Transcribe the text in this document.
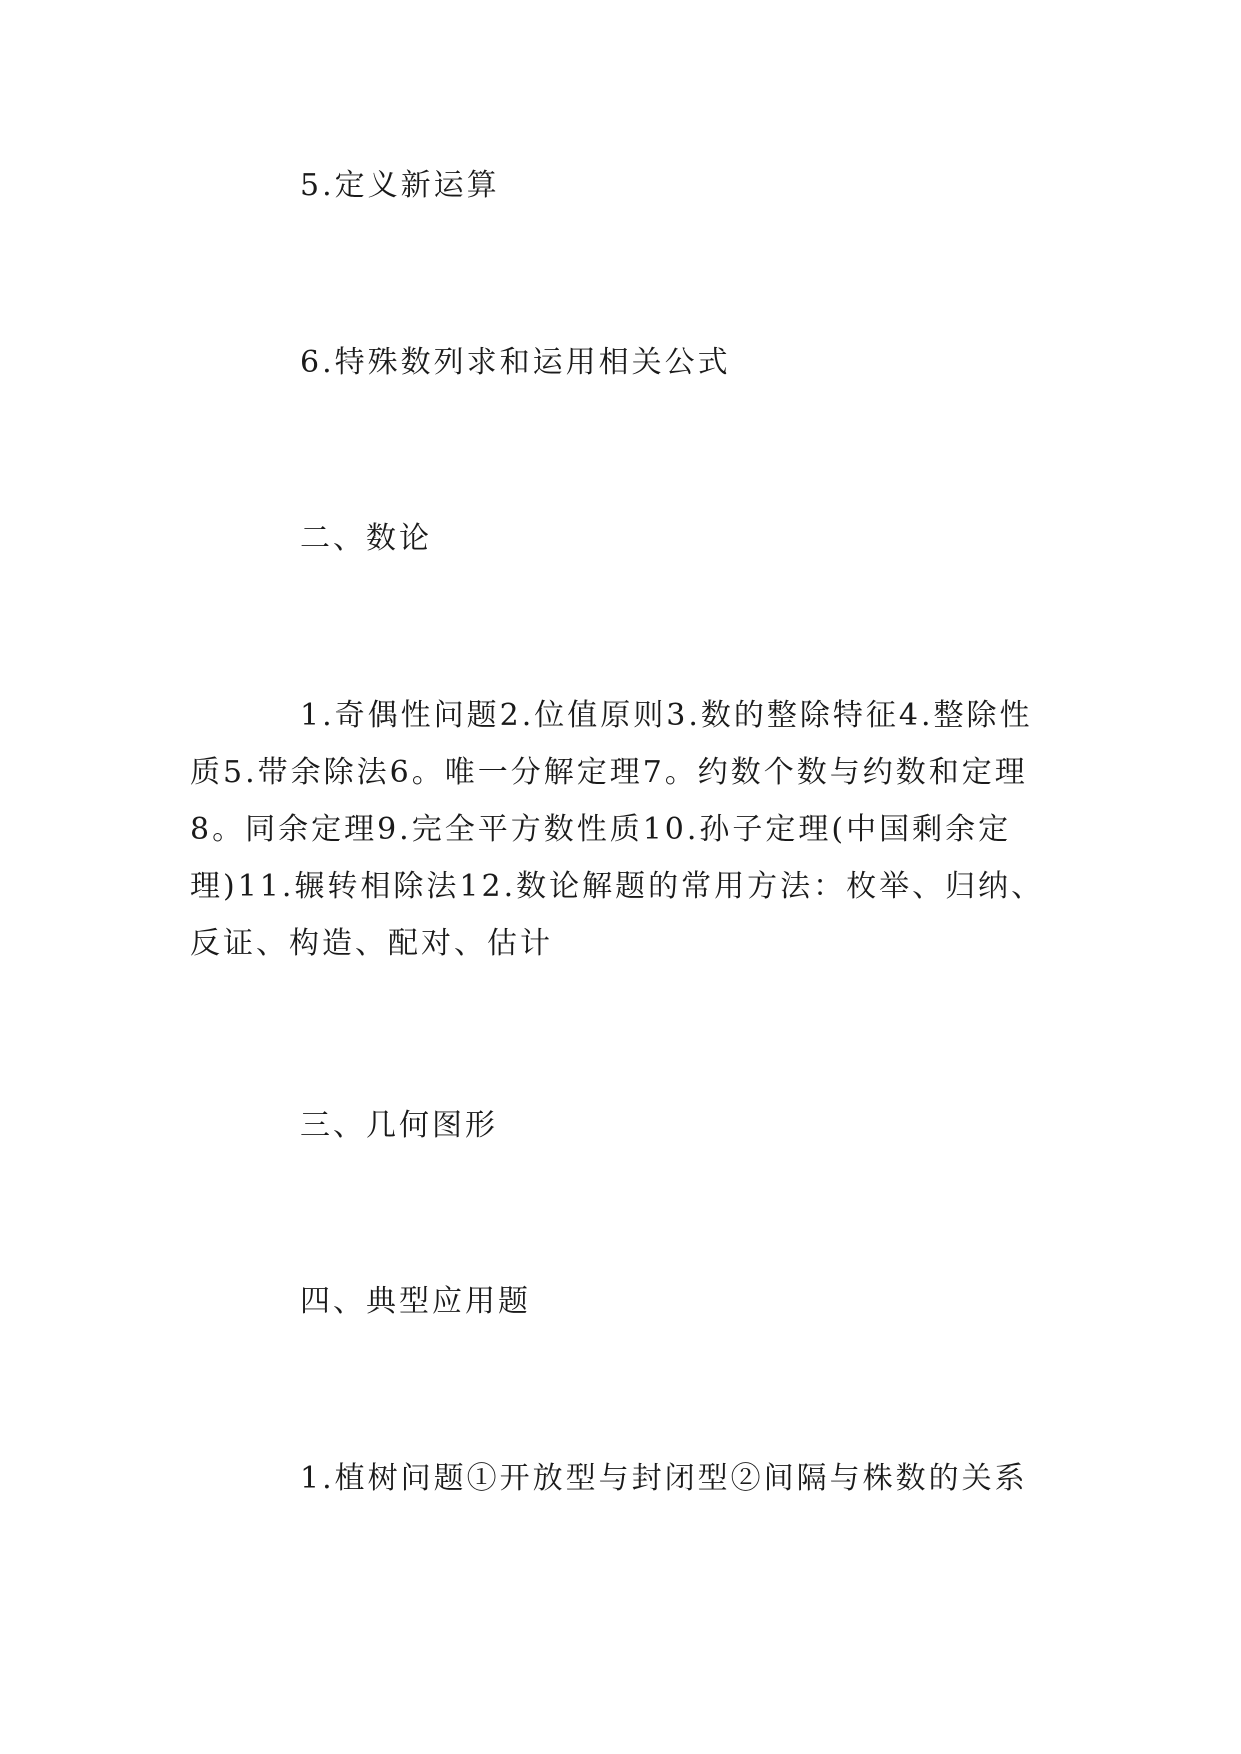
5.定义新运算

6.特殊数列求和运用相关公式

二、数论

1.奇偶性问题2.位值原则3.数的整除特征4.整除性质5.带余除法6。唯一分解定理7。约数个数与约数和定理8。同余定理9.完全平方数性质10.孙子定理(中国剩余定理)11.辗转相除法12.数论解题的常用方法：枚举、归纳、反证、构造、配对、估计

三、几何图形

四、典型应用题

1.植树问题①开放型与封闭型②间隔与株数的关系
